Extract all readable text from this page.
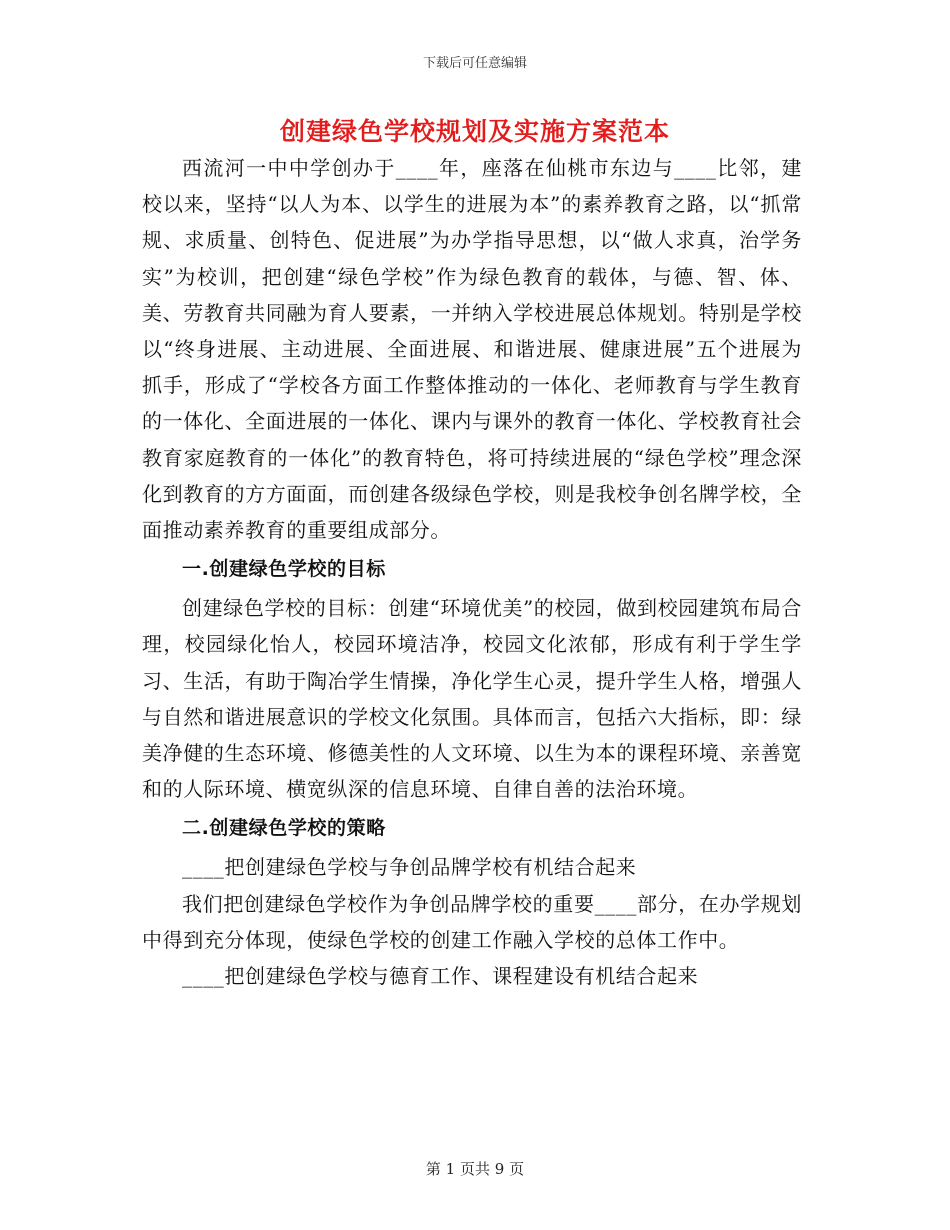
下载后可任意编辑
创建绿色学校规划及实施方案范本

西流河一中中学创办于____年，座落在仙桃市东边与____比邻，建校以来，坚持“以人为本、以学生的进展为本”的素养教育之路，以“抓常规、求质量、创特色、促进展”为办学指导思想，以“做人求真，治学务实”为校训，把创建“绿色学校”作为绿色教育的载体，与德、智、体、美、劳教育共同融为育人要素，一并纳入学校进展总体规划。特别是学校以“终身进展、主动进展、全面进展、和谐进展、健康进展”五个进展为抓手，形成了“学校各方面工作整体推动的一体化、老师教育与学生教育的一体化、全面进展的一体化、课内与课外的教育一体化、学校教育社会教育家庭教育的一体化”的教育特色，将可持续进展的“绿色学校”理念深化到教育的方方面面，而创建各级绿色学校，则是我校争创名牌学校，全面推动素养教育的重要组成部分。

一.创建绿色学校的目标

创建绿色学校的目标：创建“环境优美”的校园，做到校园建筑布局合理，校园绿化怡人，校园环境洁净，校园文化浓郁，形成有利于学生学习、生活，有助于陶冶学生情操，净化学生心灵，提升学生人格，增强人与自然和谐进展意识的学校文化氛围。具体而言，包括六大指标，即：绿美净健的生态环境、修德美性的人文环境、以生为本的课程环境、亲善宽和的人际环境、横宽纵深的信息环境、自律自善的法治环境。

二.创建绿色学校的策略

____把创建绿色学校与争创品牌学校有机结合起来

我们把创建绿色学校作为争创品牌学校的重要____部分，在办学规划中得到充分体现，使绿色学校的创建工作融入学校的总体工作中。

____把创建绿色学校与德育工作、课程建设有机结合起来

第 1 页共 9 页
